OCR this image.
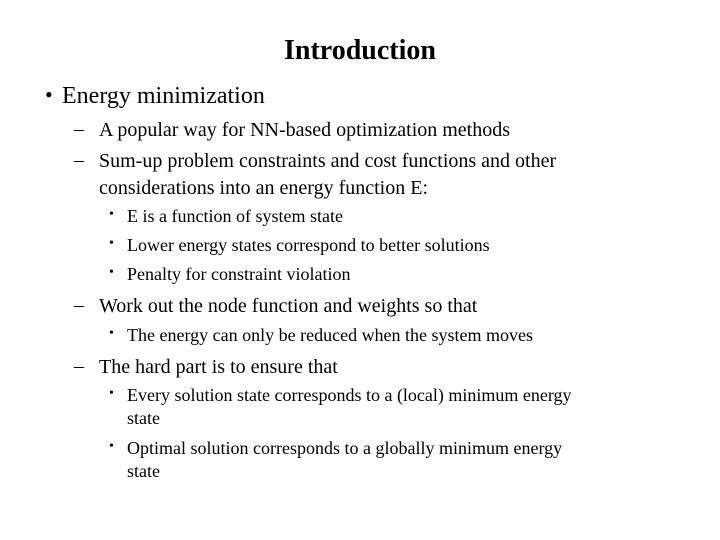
Introduction
• Energy minimization
– A popular way for NN-based optimization methods
– Sum-up problem constraints and cost functions and other
considerations into an energy function E:
• E is a function of system state
• Lower energy states correspond to better solutions
• Penalty for constraint violation
– Work out the node function and weights so that
• The energy can only be reduced when the system moves
– The hard part is to ensure that
• Every solution state corresponds to a (local) minimum energy
state
• Optimal solution corresponds to a globally minimum energy
state
